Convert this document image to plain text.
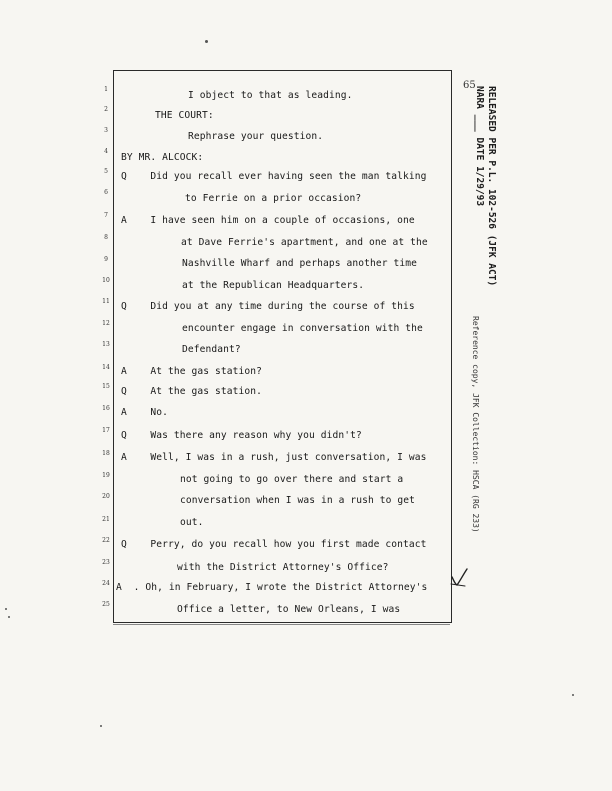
65
RELEASED PER P.L. 102-526 (JFK ACT)
NARA ___ DATE 1/29/93
Reference copy, JFK Collection: HSCA (RG 233)
1
I object to that as leading.
2
THE COURT:
3
Rephrase your question.
4
BY MR. ALCOCK:
5	Q    Did you recall ever having seen the man talking
6
to Ferrie on a prior occasion?
7	A    I have seen him on a couple of occasions, one
8	at Dave Ferrie's apartment, and one at the
9	Nashville Wharf and perhaps another time
10	at the Republican Headquarters.
11 Q    Did you at any time during the course of this
12	encounter engage in conversation with the
13	Defendant?
14 A    At the gas station?
15 Q    At the gas station.
16 A    No.
17 Q    Was there any reason why you didn't?
18 A    Well, I was in a rush, just conversation, I was
19	not going to go over there and start a
20	conversation when I was in a rush to get
21	out.
22 Q    Perry, do you recall how you first made contact
23	with the District Attorney's Office?
24 A  . Oh, in February, I wrote the District Attorney's
25	Office a letter, to New Orleans, I was
